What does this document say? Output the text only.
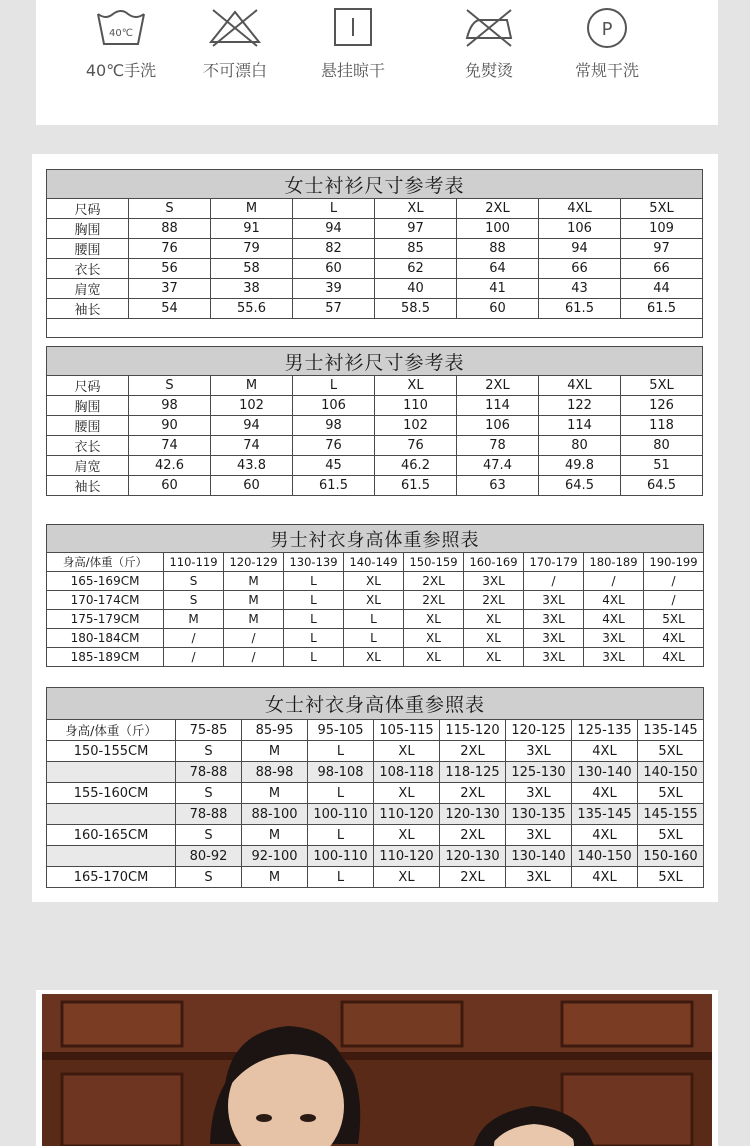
40℃
40℃手洗	不可漂白	悬挂晾干	免熨烫
P
常规干洗
女士衬衫尺寸参考表							
尺码	S	M	L	XL	2XL	4XL	5XL
胸围	88	91	94	97	100	106	109
腰围	76	79	82	85	88	94	97
衣长	56	58	60	62	64	66	66
肩宽	37	38	39	40	41	43	44
袖长	54	55.6	57	58.5	60	61.5	61.5

男士衬衫尺寸参考表							
尺码	S	M	L	XL	2XL	4XL	5XL
胸围	98	102	106	110	114	122	126
腰围	90	94	98	102	106	114	118
衣长	74	74	76	76	78	80	80
肩宽	42.6	43.8	45	46.2	47.4	49.8	51
袖长	60	60	61.5	61.5	63	64.5	64.5
男士衬衣身高体重参照表									
身高/体重（斤）	110-119	120-129	130-139	140-149	150-159	160-169	170-179	180-189	190-199
165-169CM	S	M	L	XL	2XL	3XL	/	/	/
170-174CM	S	M	L	XL	2XL	2XL	3XL	4XL	/
175-179CM	M	M	L	L	XL	XL	3XL	4XL	5XL
180-184CM	/	/	L	L	XL	XL	3XL	3XL	4XL
185-189CM	/	/	L	XL	XL	XL	3XL	3XL	4XL
女士衬衣身高体重参照表								
身高/体重（斤）	75-85	85-95	95-105	105-115	115-120	120-125	125-135	135-145
150-155CM	S	M	L	XL	2XL	3XL	4XL	5XL
	78-88	88-98	98-108	108-118	118-125	125-130	130-140	140-150
155-160CM	S	M	L	XL	2XL	3XL	4XL	5XL
	78-88	88-100	100-110	110-120	120-130	130-135	135-145	145-155
160-165CM	S	M	L	XL	2XL	3XL	4XL	5XL
	80-92	92-100	100-110	110-120	120-130	130-140	140-150	150-160
165-170CM	S	M	L	XL	2XL	3XL	4XL	5XL
